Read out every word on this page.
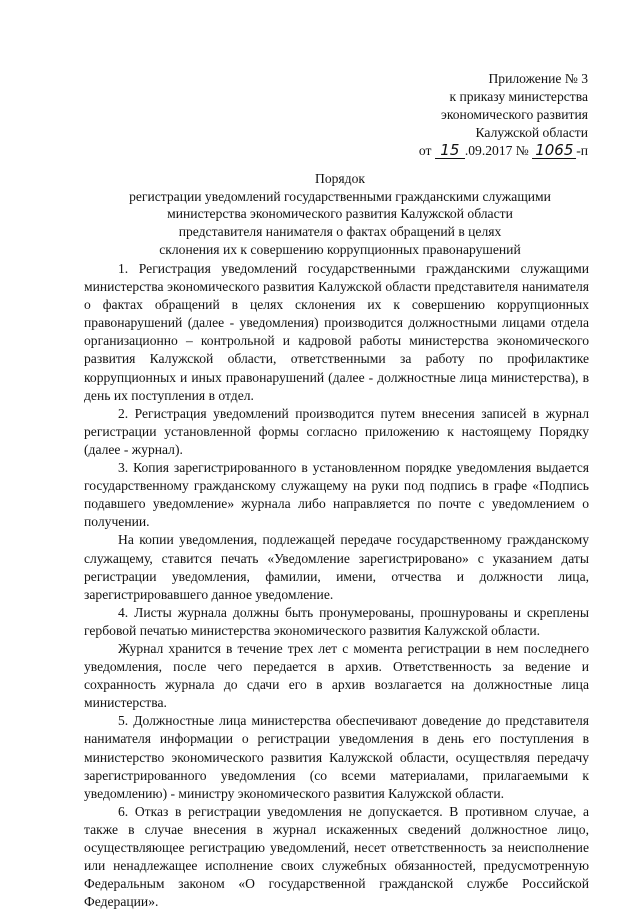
Приложение № 3
к приказу министерства
экономического развития
Калужской области
от 15 .09.2017 № 1065 -п
Порядок
регистрации уведомлений государственными гражданскими служащими
министерства экономического развития Калужской области
представителя нанимателя о фактах обращений в целях
склонения их к совершению коррупционных правонарушений

1. Регистрация уведомлений государственными гражданскими служащими министерства экономического развития Калужской области представителя нанимателя о фактах обращений в целях склонения их к совершению коррупционных правонарушений (далее - уведомления) производится должностными лицами отдела организационно – контрольной и кадровой работы министерства экономического развития Калужской области, ответственными за работу по профилактике коррупционных и иных правонарушений (далее - должностные лица министерства), в день их поступления в отдел.

2. Регистрация уведомлений производится путем внесения записей в журнал регистрации установленной формы согласно приложению к настоящему Порядку (далее - журнал).

3. Копия зарегистрированного в установленном порядке уведомления выдается государственному гражданскому служащему на руки под подпись в графе «Подпись подавшего уведомление» журнала либо направляется по почте с уведомлением о получении.

На копии уведомления, подлежащей передаче государственному гражданскому служащему, ставится печать «Уведомление зарегистрировано» с указанием даты регистрации уведомления, фамилии, имени, отчества и должности лица, зарегистрировавшего данное уведомление.

4. Листы журнала должны быть пронумерованы, прошнурованы и скреплены гербовой печатью министерства экономического развития Калужской области.

Журнал хранится в течение трех лет с момента регистрации в нем последнего уведомления, после чего передается в архив. Ответственность за ведение и сохранность журнала до сдачи его в архив возлагается на должностные лица министерства.

5. Должностные лица министерства обеспечивают доведение до представителя нанимателя информации о регистрации уведомления в день его поступления в министерство экономического развития Калужской области, осуществляя передачу зарегистрированного уведомления (со всеми материалами, прилагаемыми к уведомлению) - министру экономического развития Калужской области.

6. Отказ в регистрации уведомления не допускается. В противном случае, а также в случае внесения в журнал искаженных сведений должностное лицо, осуществляющее регистрацию уведомлений, несет ответственность за неисполнение или ненадлежащее исполнение своих служебных обязанностей, предусмотренную Федеральным законом «О государственной гражданской службе Российской Федерации».
